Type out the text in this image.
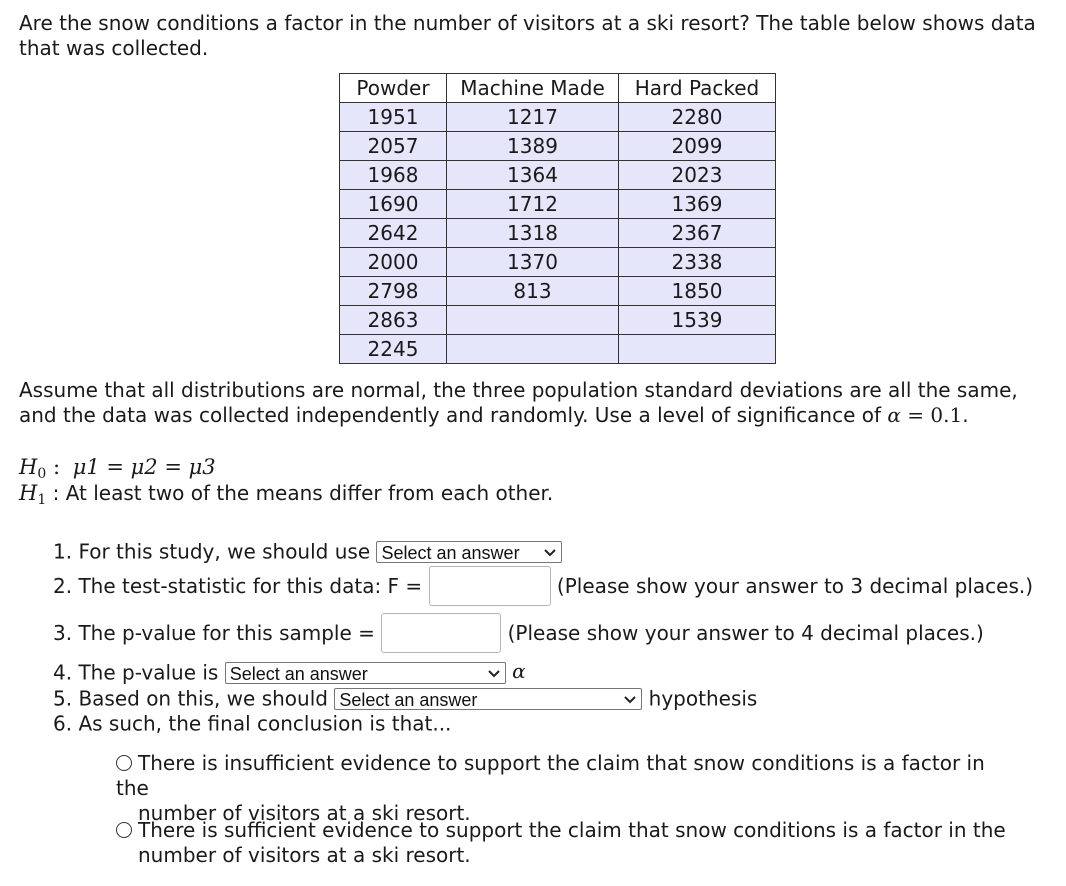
Are the snow conditions a factor in the number of visitors at a ski resort? The table below shows data that was collected.
Powder	Machine Made	Hard Packed
1951	1217	2280
2057	1389	2099
1968	1364	2023
1690	1712	1369
2642	1318	2367
2000	1370	2338
2798	813	1850
2863		1539
2245		
Assume that all distributions are normal, the three population standard deviations are all the same, and the data was collected independently and randomly. Use a level of significance of α = 0.1.
$H_0$ : μ1 = μ2 = μ3
$H_1$ : At least two of the means differ from each other.
1. For this study, we should use Select an answer
2. The test-statistic for this data: F =	(Please show your answer to 3 decimal places.)
3. The p-value for this sample =	(Please show your answer to 4 decimal places.)
4. The p-value is Select an answer	α
5. Based on this, we should Select an answer	hypothesis
6. As such, the final conclusion is that...
There is insufficient evidence to support the claim that snow conditions is a factor in the
number of visitors at a ski resort.
There is sufficient evidence to support the claim that snow conditions is a factor in the
number of visitors at a ski resort.
